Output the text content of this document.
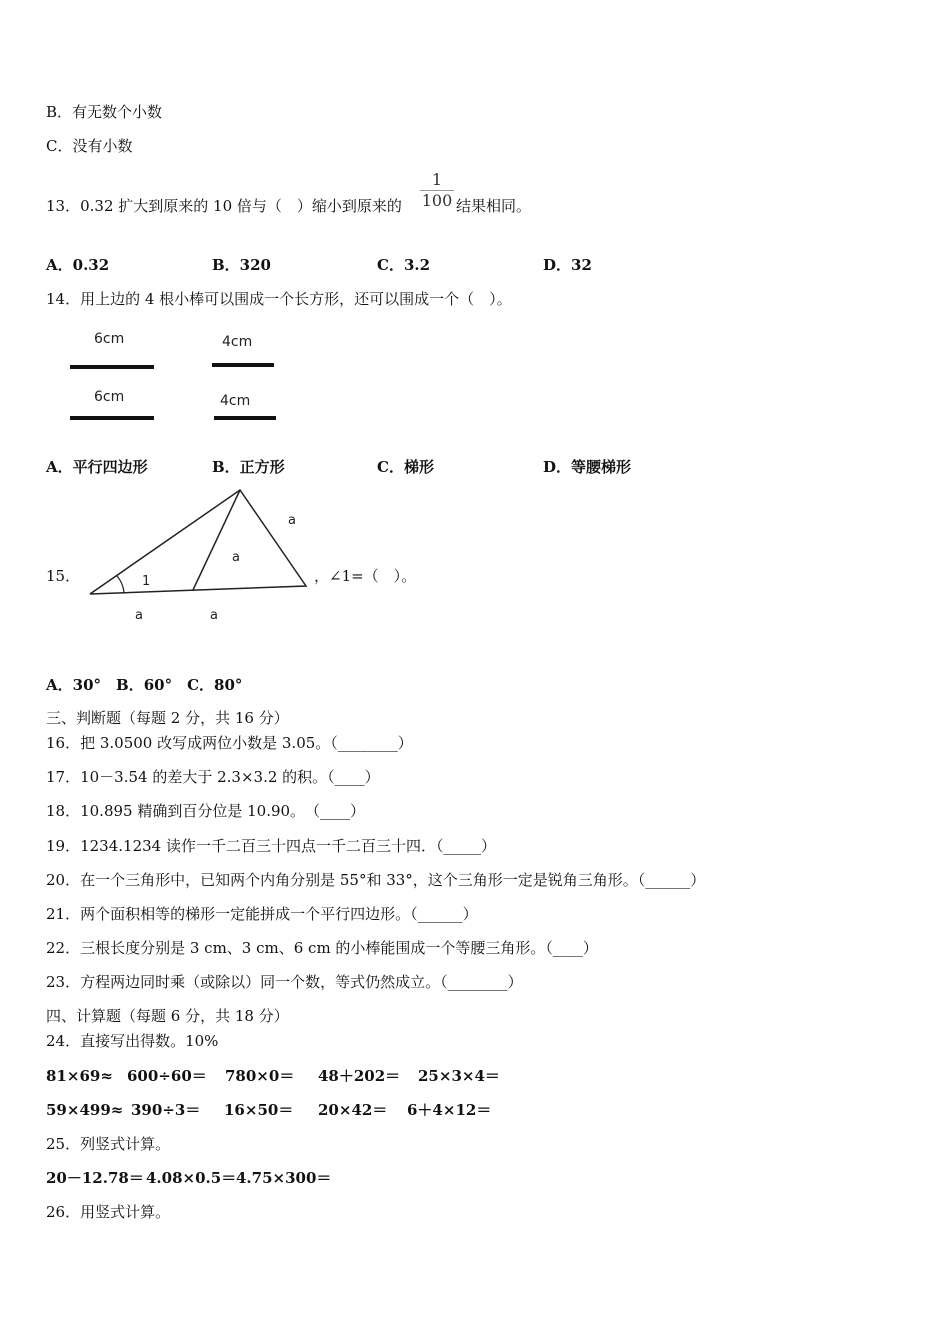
B．有无数个小数
C．没有小数
13．0.32 扩大到原来的 10 倍与（　）缩小到原来的 $\frac{1}{100}$ 结果相同。
A．0.32	B．320	C．3.2	D．32
14．用上边的 4 根小棒可以围成一个长方形，还可以围成一个（　）。
6cm	4cm
6cm	4cm
A．平行四边形	B．正方形	C．梯形	D．等腰梯形
15．	1
a
a
a	a
，∠1=（　）。
A．30°　B．60°　C．80°
三、判断题（每题 2 分，共 16 分）
16．把 3.0500 改写成两位小数是 3.05。（________）
17．10－3.54 的差大于 2.3×3.2 的积。（____）
18．10.895 精确到百分位是 10.90。　（____）
19．1234.1234 读作一千二百三十四点一千二百三十四．（_____）
20．在一个三角形中，已知两个内角分别是 55°和 33°，这个三角形一定是锐角三角形。（______）
21．两个面积相等的梯形一定能拼成一个平行四边形。（______）
22．三根长度分别是 3 cm、3 cm、6 cm 的小棒能围成一个等腰三角形。（____）
23．方程两边同时乘（或除以）同一个数，等式仍然成立。（________）
四、计算题（每题 6 分，共 18 分）
24．直接写出得数。10%
81×69≈ 600÷60＝ 780×0＝ 48＋202＝ 25×3×4＝
59×499≈ 390÷3＝ 16×50＝ 20×42＝ 6＋4×12＝
25．列竖式计算。
20－12.78＝ 4.08×0.5＝ 4.75×300＝
26．用竖式计算。
